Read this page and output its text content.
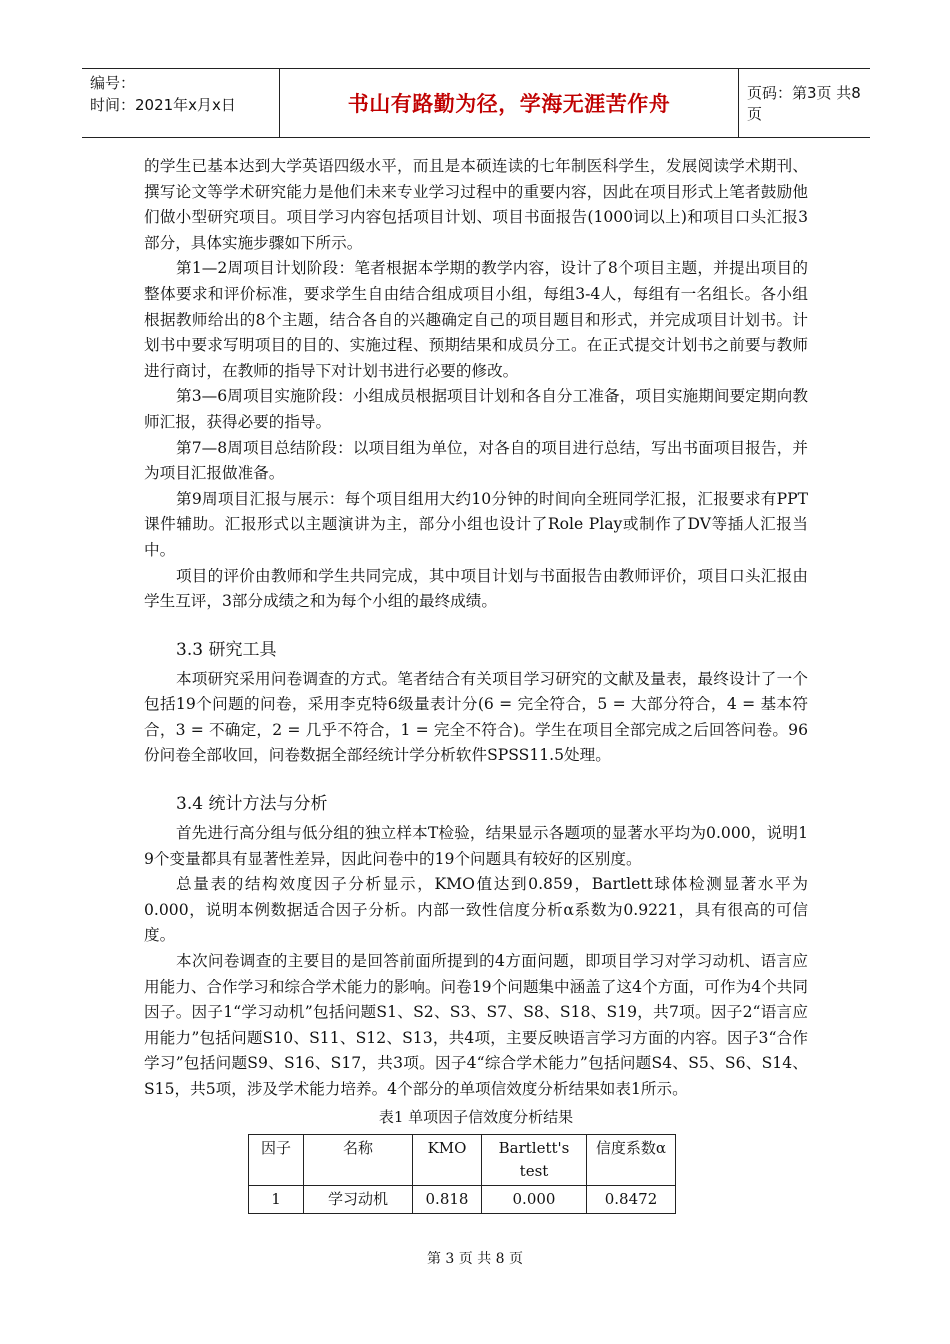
编号：
时间：2021年x月x日	书山有路勤为径，学海无涯苦作舟	页码：第3页 共8页

的学生已基本达到大学英语四级水平，而且是本硕连读的七年制医科学生，发展阅读学术期刊、撰写论文等学术研究能力是他们未来专业学习过程中的重要内容，因此在项目形式上笔者鼓励他们做小型研究项目。项目学习内容包括项目计划、项目书面报告(1000词以上)和项目口头汇报3部分，具体实施步骤如下所示。

第1—2周项目计划阶段：笔者根据本学期的教学内容，设计了8个项目主题，并提出项目的整体要求和评价标准，要求学生自由结合组成项目小组，每组3-4人，每组有一名组长。各小组根据教师给出的8个主题，结合各自的兴趣确定自己的项目题目和形式，并完成项目计划书。计划书中要求写明项目的目的、实施过程、预期结果和成员分工。在正式提交计划书之前要与教师进行商讨，在教师的指导下对计划书进行必要的修改。

第3—6周项目实施阶段：小组成员根据项目计划和各自分工准备，项目实施期间要定期向教师汇报，获得必要的指导。

第7—8周项目总结阶段：以项目组为单位，对各自的项目进行总结，写出书面项目报告，并为项目汇报做准备。

第9周项目汇报与展示：每个项目组用大约10分钟的时间向全班同学汇报，汇报要求有PPT课件辅助。汇报形式以主题演讲为主，部分小组也设计了Role Play或制作了DV等插人汇报当中。

项目的评价由教师和学生共同完成，其中项目计划与书面报告由教师评价，项目口头汇报由学生互评，3部分成绩之和为每个小组的最终成绩。

3.3 研究工具

本项研究采用问卷调查的方式。笔者结合有关项目学习研究的文献及量表，最终设计了一个包括19个问题的问卷，采用李克特6级量表计分(6 = 完全符合，5 = 大部分符合，4 = 基本符合，3 = 不确定，2 = 几乎不符合，1 = 完全不符合)。学生在项目全部完成之后回答问卷。96份问卷全部收回，问卷数据全部经统计学分析软件SPSS11.5处理。

3.4 统计方法与分析

首先进行高分组与低分组的独立样本T检验，结果显示各题项的显著水平均为0.000，说明1 9个变量都具有显著性差异，因此问卷中的19个问题具有较好的区别度。

总量表的结构效度因子分析显示，KMO值达到0.859，Bartlett球体检测显著水平为0.000，说明本例数据适合因子分析。内部一致性信度分析α系数为0.9221，具有很高的可信度。

本次问卷调查的主要目的是回答前面所提到的4方面问题，即项目学习对学习动机、语言应用能力、合作学习和综合学术能力的影响。问卷19个问题集中涵盖了这4个方面，可作为4个共同因子。因子1“学习动机”包括问题S1、S2、S3、S7、S8、S18、S19，共7项。因子2“语言应用能力”包括问题S10、S11、S12、S13，共4项，主要反映语言学习方面的内容。因子3“合作学习”包括问题S9、S16、S17，共3项。因子4“综合学术能力”包括问题S4、S5、S6、S14、S15，共5项，涉及学术能力培养。4个部分的单项信效度分析结果如表1所示。

表1 单项因子信效度分析结果

因子	名称	KMO	Bartlett's test	信度系数α
1	学习动机	0.818	0.000	0.8472
第 3 页 共 8 页
